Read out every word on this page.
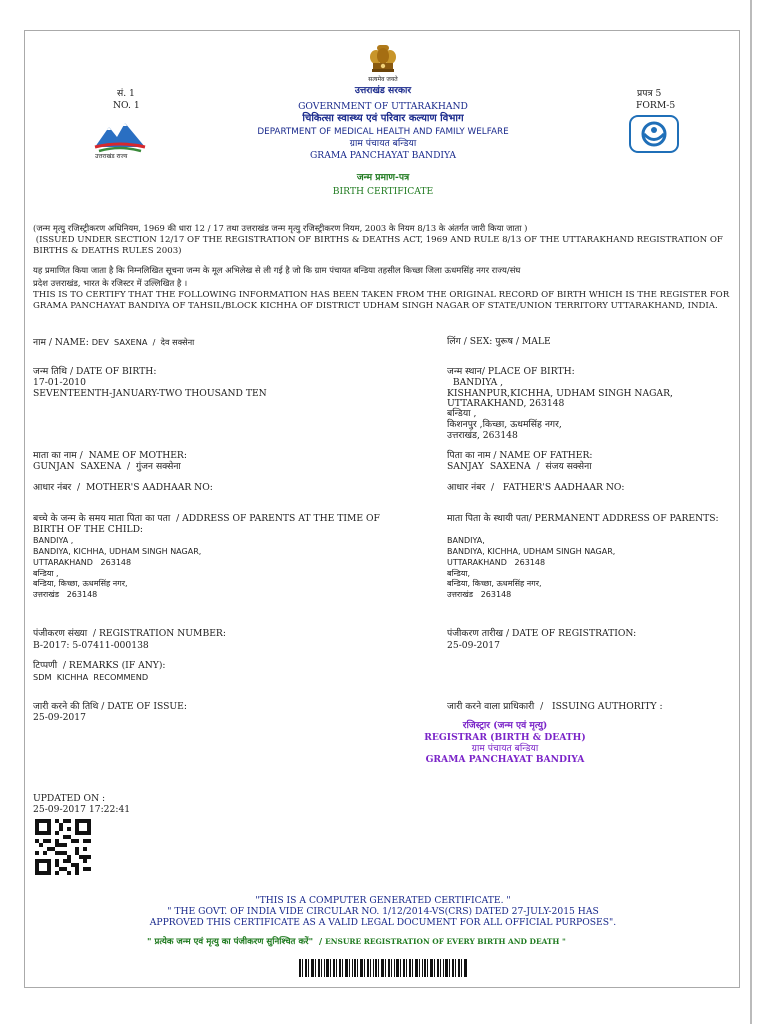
सत्यमेव जयते
सं. 1
NO. 1
प्रपत्र 5
FORM-5
उत्तराखंड राज्य
उत्तराखंड सरकार
GOVERNMENT OF UTTARAKHAND
चिकित्सा स्वास्थ्य एवं परिवार कल्याण विभाग
DEPARTMENT OF MEDICAL HEALTH AND FAMILY WELFARE
ग्राम पंचायत बन्डिया
GRAMA PANCHAYAT BANDIYA
जन्म प्रमाण-पत्र
BIRTH CERTIFICATE
(जन्म मृत्यु रजिस्ट्रीकरण अधिनियम, 1969 की धारा 12 / 17 तथा उत्तराखंड जन्म मृत्यु रजिस्ट्रीकरण नियम, 2003 के नियम 8/13 के अंतर्गत जारी किया जाता )
(ISSUED UNDER SECTION 12/17 OF THE REGISTRATION OF BIRTHS & DEATHS ACT, 1969 AND RULE 8/13 OF THE UTTARAKHAND REGISTRATION OF
BIRTHS & DEATHS RULES 2003)
यह प्रमाणित किया जाता है कि निम्नलिखित सूचना जन्म के मूल अभिलेख से ली गई है जो कि ग्राम पंचायत बन्डिया तहसील किच्छा जिला ऊधमसिंह नगर राज्य/संघ
प्रदेश उत्तराखंड, भारत के रजिस्टर में उल्लिखित है ।
THIS IS TO CERTIFY THAT THE FOLLOWING INFORMATION HAS BEEN TAKEN FROM THE ORIGINAL RECORD OF BIRTH WHICH IS THE REGISTER FOR
GRAMA PANCHAYAT BANDIYA OF TAHSIL/BLOCK KICHHA OF DISTRICT UDHAM SINGH NAGAR OF STATE/UNION TERRITORY UTTARAKHAND, INDIA.
नाम / NAME: DEV  SAXENA  /  देव सक्सेना	लिंग / SEX: पुरूष / MALE
जन्म तिथि / DATE OF BIRTH:
17-01-2010
SEVENTEENTH-JANUARY-TWO THOUSAND TEN
जन्म स्थान/ PLACE OF BIRTH:
BANDIYA ,
KISHANPUR,KICHHA, UDHAM SINGH NAGAR,
UTTARAKHAND, 263148
बन्डिया ,
किशनपुर ,किच्छा, ऊधमसिंह नगर,
उत्तराखंड, 263148
माता का नाम /  NAME OF MOTHER:
GUNJAN  SAXENA  /  गुंजन सक्सेना
पिता का नाम / NAME OF FATHER:
SANJAY  SAXENA  /  संजय सक्सेना
आधार नंबर  /  MOTHER'S AADHAAR NO:	आधार नंबर  /   FATHER'S AADHAAR NO:
बच्चे के जन्म के समय माता पिता का पता  / ADDRESS OF PARENTS AT THE TIME OF
BIRTH OF THE CHILD:
BANDIYA ,
BANDIYA, KICHHA, UDHAM SINGH NAGAR,
UTTARAKHAND   263148
बन्डिया ,
बन्डिया, किच्छा, ऊधमसिंह नगर,
उत्तराखंड   263148
माता पिता के स्थायी पता/ PERMANENT ADDRESS OF PARENTS:
BANDIYA,
BANDIYA, KICHHA, UDHAM SINGH NAGAR,
UTTARAKHAND   263148
बन्डिया,
बन्डिया, किच्छा, ऊधमसिंह नगर,
उत्तराखंड   263148
पंजीकरण संख्या  / REGISTRATION NUMBER:
B-2017: 5-07411-000138
पंजीकरण तारीख / DATE OF REGISTRATION:
25-09-2017
टिप्पणी  / REMARKS (IF ANY):
SDM  KICHHA  RECOMMEND
जारी करने की तिथि / DATE OF ISSUE:
25-09-2017
जारी करने वाला प्राधिकारी  /   ISSUING AUTHORITY :
रजिस्ट्रार (जन्म एवं मृत्यु)
REGISTRAR (BIRTH & DEATH)
ग्राम पंचायत बन्डिया
GRAMA PANCHAYAT BANDIYA
UPDATED ON :
25-09-2017 17:22:41
"THIS IS A COMPUTER GENERATED CERTIFICATE. "
" THE GOVT. OF INDIA VIDE CIRCULAR NO. 1/12/2014-VS(CRS) DATED 27-JULY-2015 HAS
APPROVED THIS CERTIFICATE AS A VALID LEGAL DOCUMENT FOR ALL OFFICIAL PURPOSES".
" प्रत्येक जन्म एवं मृत्यु का पंजीकरण सुनिश्चित करें"  / ENSURE REGISTRATION OF EVERY BIRTH AND DEATH "
